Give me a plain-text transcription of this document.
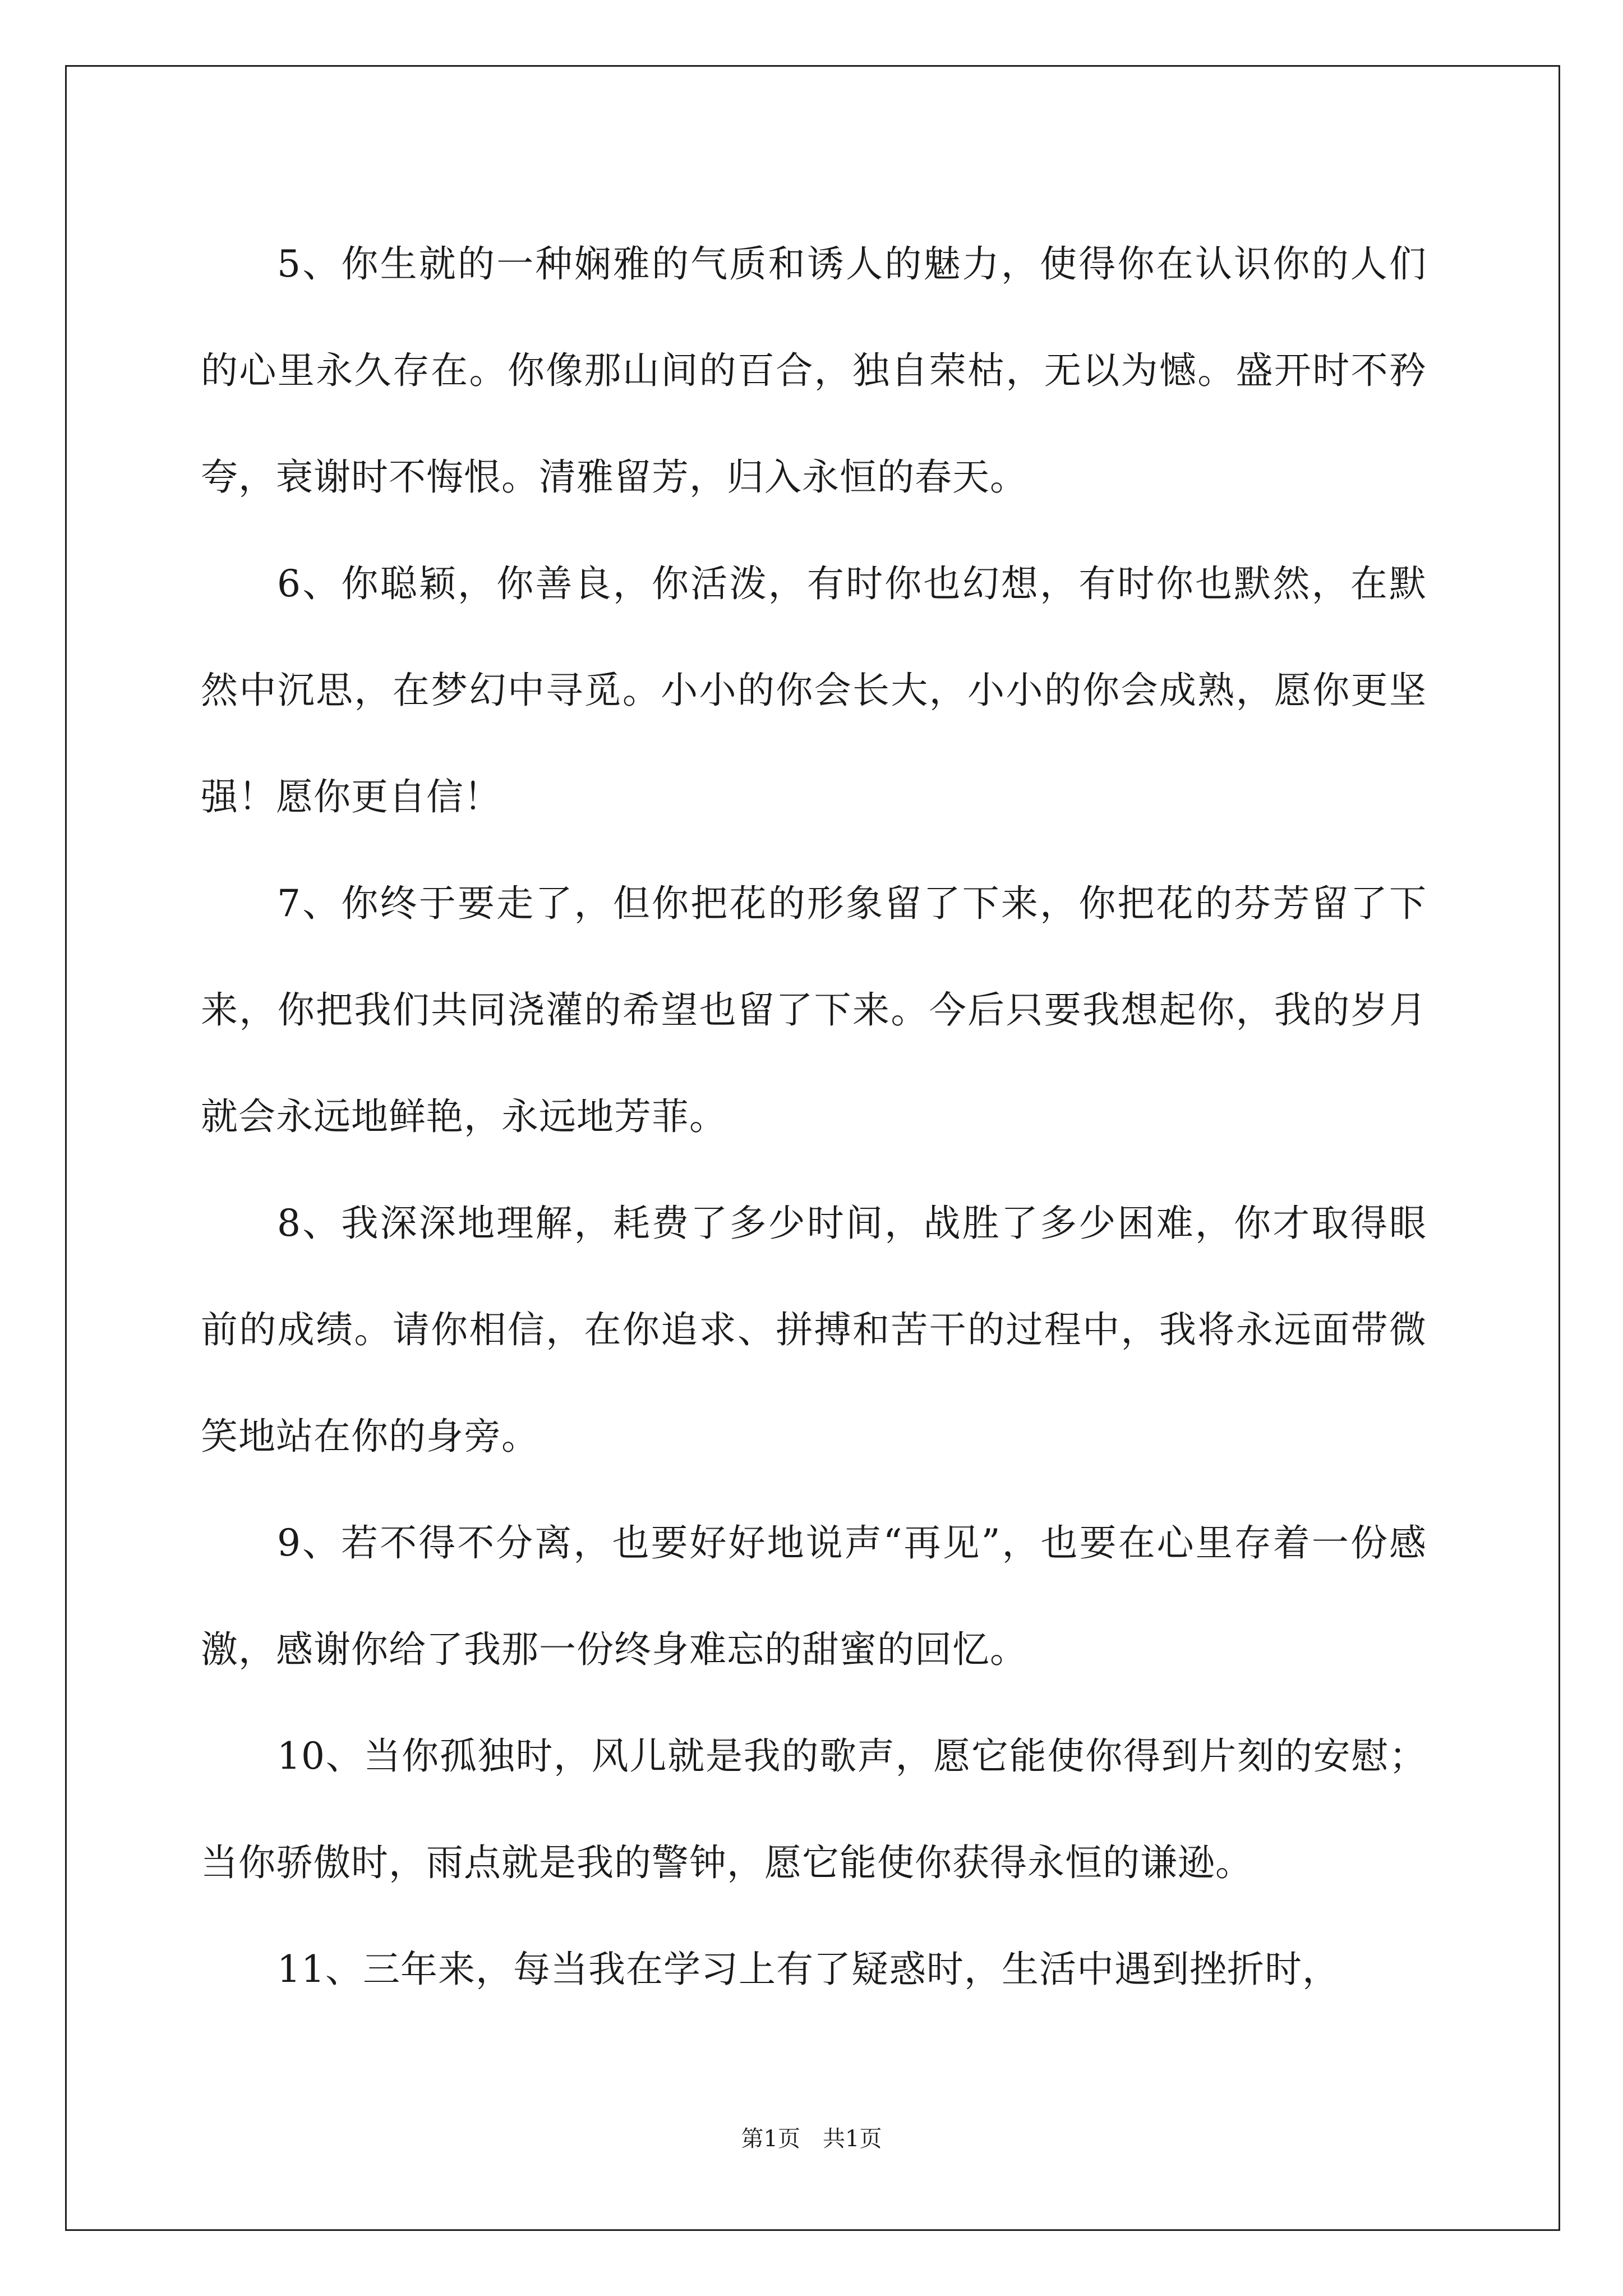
5、你生就的一种娴雅的气质和诱人的魅力，使得你在认识你的人们的心里永久存在。你像那山间的百合，独自荣枯，无以为憾。盛开时不矜夸，衰谢时不悔恨。清雅留芳，归入永恒的春天。

6、你聪颖，你善良，你活泼，有时你也幻想，有时你也默然，在默然中沉思，在梦幻中寻觅。小小的你会长大，小小的你会成熟，愿你更坚强！愿你更自信！

7、你终于要走了，但你把花的形象留了下来，你把花的芬芳留了下来，你把我们共同浇灌的希望也留了下来。今后只要我想起你，我的岁月就会永远地鲜艳，永远地芳菲。

8、我深深地理解，耗费了多少时间，战胜了多少困难，你才取得眼前的成绩。请你相信，在你追求、拼搏和苦干的过程中，我将永远面带微笑地站在你的身旁。

9、若不得不分离，也要好好地说声“再见”，也要在心里存着一份感激，感谢你给了我那一份终身难忘的甜蜜的回忆。

10、当你孤独时，风儿就是我的歌声，愿它能使你得到片刻的安慰；当你骄傲时，雨点就是我的警钟，愿它能使你获得永恒的谦逊。

11、三年来，每当我在学习上有了疑惑时，生活中遇到挫折时，

第1页　共1页
